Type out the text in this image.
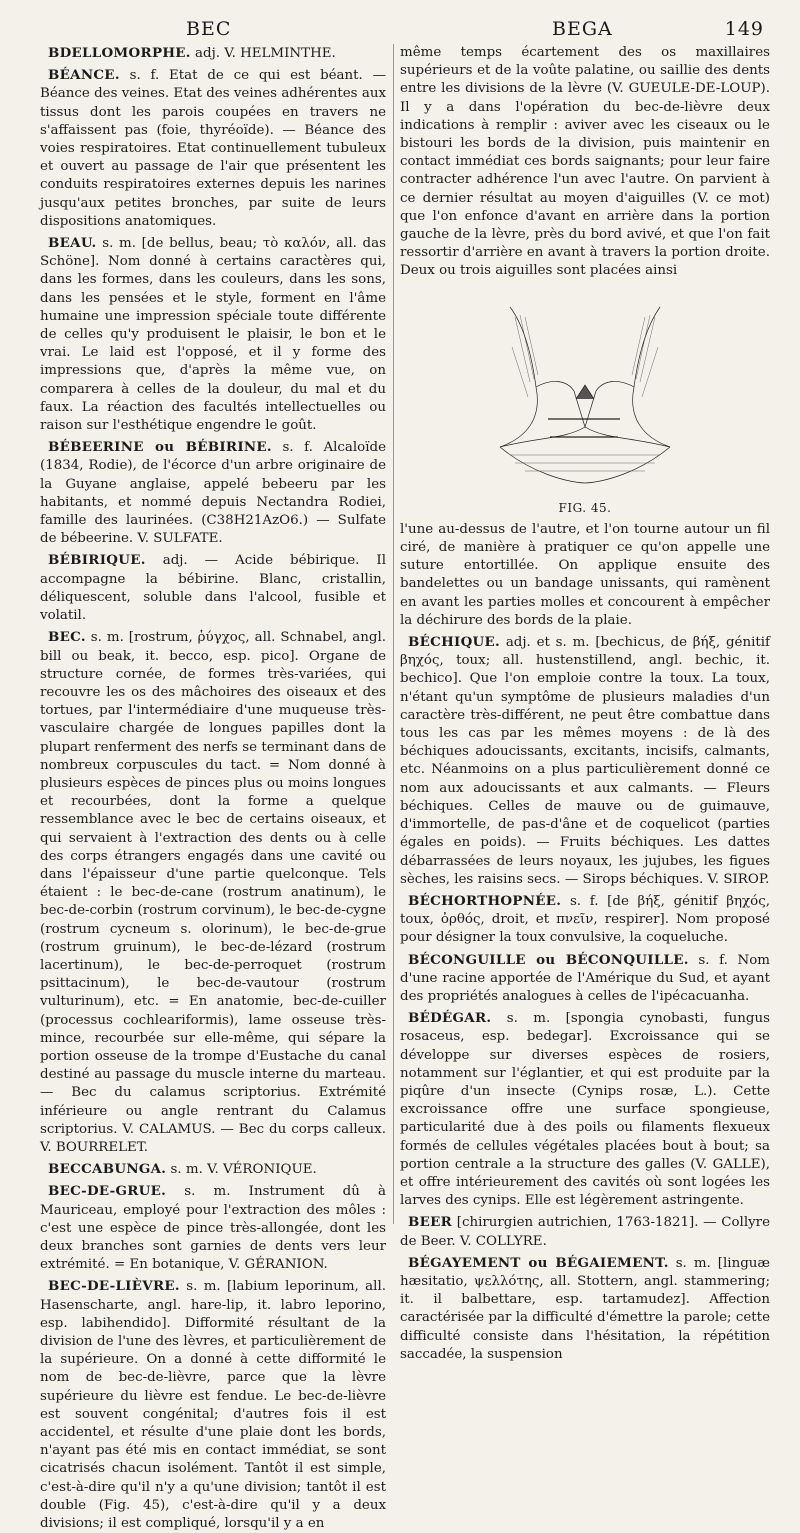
BEC	BEGA	149

BDELLOMORPHE. adj. V. HELMINTHE.

BÉANCE. s. f. Etat de ce qui est béant. — Béance des veines. Etat des veines adhérentes aux tissus dont les parois coupées en travers ne s'affaissent pas (foie, thyréoïde). — Béance des voies respiratoires. Etat continuellement tubuleux et ouvert au passage de l'air que présentent les conduits respiratoires externes depuis les narines jusqu'aux petites bronches, par suite de leurs dispositions anatomiques.

BEAU. s. m. [de bellus, beau; τὸ καλόν, all. das Schöne]. Nom donné à certains caractères qui, dans les formes, dans les couleurs, dans les sons, dans les pensées et le style, forment en l'âme humaine une impression spéciale toute différente de celles qu'y produisent le plaisir, le bon et le vrai. Le laid est l'opposé, et il y forme des impressions que, d'après la même vue, on comparera à celles de la douleur, du mal et du faux. La réaction des facultés intellectuelles ou raison sur l'esthétique engendre le goût.

BÉBEERINE ou BÉBIRINE. s. f. Alcaloïde (1834, Rodie), de l'écorce d'un arbre originaire de la Guyane anglaise, appelé bebeeru par les habitants, et nommé depuis Nectandra Rodiei, famille des laurinées. (C38H21AzO6.) — Sulfate de bébeerine. V. SULFATE.

BÉBIRIQUE. adj. — Acide bébirique. Il accompagne la bébirine. Blanc, cristallin, déliquescent, soluble dans l'alcool, fusible et volatil.

BEC. s. m. [rostrum, ῥύγχος, all. Schnabel, angl. bill ou beak, it. becco, esp. pico]. Organe de structure cornée, de formes très-variées, qui recouvre les os des mâchoires des oiseaux et des tortues, par l'intermédiaire d'une muqueuse très-vasculaire chargée de longues papilles dont la plupart renferment des nerfs se terminant dans de nombreux corpuscules du tact. = Nom donné à plusieurs espèces de pinces plus ou moins longues et recourbées, dont la forme a quelque ressemblance avec le bec de certains oiseaux, et qui servaient à l'extraction des dents ou à celle des corps étrangers engagés dans une cavité ou dans l'épaisseur d'une partie quelconque. Tels étaient : le bec-de-cane (rostrum anatinum), le bec-de-corbin (rostrum corvinum), le bec-de-cygne (rostrum cycneum s. olorinum), le bec-de-grue (rostrum gruinum), le bec-de-lézard (rostrum lacertinum), le bec-de-perroquet (rostrum psittacinum), le bec-de-vautour (rostrum vulturinum), etc. = En anatomie, bec-de-cuiller (processus cochleariformis), lame osseuse très-mince, recourbée sur elle-même, qui sépare la portion osseuse de la trompe d'Eustache du canal destiné au passage du muscle interne du marteau. — Bec du calamus scriptorius. Extrémité inférieure ou angle rentrant du Calamus scriptorius. V. CALAMUS. — Bec du corps calleux. V. BOURRELET.

BECCABUNGA. s. m. V. VÉRONIQUE.

BEC-DE-GRUE. s. m. Instrument dû à Mauriceau, employé pour l'extraction des môles : c'est une espèce de pince très-allongée, dont les deux branches sont garnies de dents vers leur extrémité. = En botanique, V. GÉRANION.

BEC-DE-LIÈVRE. s. m. [labium leporinum, all. Hasenscharte, angl. hare-lip, it. labro leporino, esp. labihendido]. Difformité résultant de la division de l'une des lèvres, et particulièrement de la supérieure. On a donné à cette difformité le nom de bec-de-lièvre, parce que la lèvre supérieure du lièvre est fendue. Le bec-de-lièvre est souvent congénital; d'autres fois il est accidentel, et résulte d'une plaie dont les bords, n'ayant pas été mis en contact immédiat, se sont cicatrisés chacun isolément. Tantôt il est simple, c'est-à-dire qu'il n'y a qu'une division; tantôt il est double (Fig. 45), c'est-à-dire qu'il y a deux divisions; il est compliqué, lorsqu'il y a en

même temps écartement des os maxillaires supérieurs et de la voûte palatine, ou saillie des dents entre les divisions de la lèvre (V. GUEULE-DE-LOUP). Il y a dans l'opération du bec-de-lièvre deux indications à remplir : aviver avec les ciseaux ou le bistouri les bords de la division, puis maintenir en contact immédiat ces bords saignants; pour leur faire contracter adhérence l'un avec l'autre. On parvient à ce dernier résultat au moyen d'aiguilles (V. ce mot) que l'on enfonce d'avant en arrière dans la portion gauche de la lèvre, près du bord avivé, et que l'on fait ressortir d'arrière en avant à travers la portion droite. Deux ou trois aiguilles sont placées ainsi

FIG. 45.

l'une au-dessus de l'autre, et l'on tourne autour un fil ciré, de manière à pratiquer ce qu'on appelle une suture entortillée. On applique ensuite des bandelettes ou un bandage unissants, qui ramènent en avant les parties molles et concourent à empêcher la déchirure des bords de la plaie.

BÉCHIQUE. adj. et s. m. [bechicus, de βήξ, génitif βηχός, toux; all. hustenstillend, angl. bechic, it. bechico]. Que l'on emploie contre la toux. La toux, n'étant qu'un symptôme de plusieurs maladies d'un caractère très-différent, ne peut être combattue dans tous les cas par les mêmes moyens : de là des béchiques adoucissants, excitants, incisifs, calmants, etc. Néanmoins on a plus particulièrement donné ce nom aux adoucissants et aux calmants. — Fleurs béchiques. Celles de mauve ou de guimauve, d'immortelle, de pas-d'âne et de coquelicot (parties égales en poids). — Fruits béchiques. Les dattes débarrassées de leurs noyaux, les jujubes, les figues sèches, les raisins secs. — Sirops béchiques. V. SIROP.

BÉCHORTHOPNÉE. s. f. [de βήξ, génitif βηχός, toux, ὀρθός, droit, et πνεῖν, respirer]. Nom proposé pour désigner la toux convulsive, la coqueluche.

BÉCONGUILLE ou BÉCONQUILLE. s. f. Nom d'une racine apportée de l'Amérique du Sud, et ayant des propriétés analogues à celles de l'ipécacuanha.

BÉDÉGAR. s. m. [spongia cynobasti, fungus rosaceus, esp. bedegar]. Excroissance qui se développe sur diverses espèces de rosiers, notamment sur l'églantier, et qui est produite par la piqûre d'un insecte (Cynips rosæ, L.). Cette excroissance offre une surface spongieuse, particularité due à des poils ou filaments flexueux formés de cellules végétales placées bout à bout; sa portion centrale a la structure des galles (V. GALLE), et offre intérieurement des cavités où sont logées les larves des cynips. Elle est légèrement astringente.

BEER [chirurgien autrichien, 1763-1821]. — Collyre de Beer. V. COLLYRE.

BÉGAYEMENT ou BÉGAIEMENT. s. m. [linguæ hæsitatio, ψελλότης, all. Stottern, angl. stammering; it. il balbettare, esp. tartamudez]. Affection caractérisée par la difficulté d'émettre la parole; cette difficulté consiste dans l'hésitation, la répétition saccadée, la suspension
